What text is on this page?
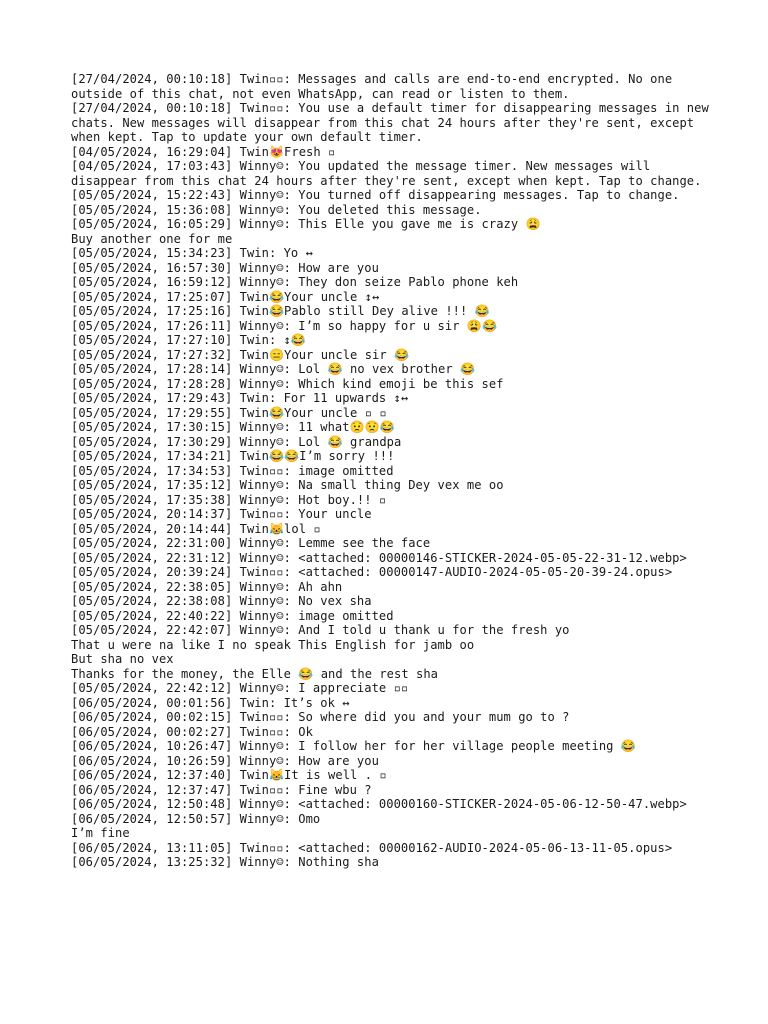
[27/04/2024, 00:10:18] Twin▫▫: Messages and calls are end-to-end encrypted. No one outside of this chat, not even WhatsApp, can read or listen to them.
[27/04/2024, 00:10:18] Twin▫▫: You use a default timer for disappearing messages in new chats. New messages will disappear from this chat 24 hours after they're sent, except when kept. Tap to update your own default timer.
[04/05/2024, 16:29:04] Twin😻Fresh ▫
[04/05/2024, 17:03:43] Winny☺: You updated the message timer. New messages will disappear from this chat 24 hours after they're sent, except when kept. Tap to change.
[05/05/2024, 15:22:43] Winny☺: You turned off disappearing messages. Tap to change.
[05/05/2024, 15:36:08] Winny☺: You deleted this message.
[05/05/2024, 16:05:29] Winny☺: This Elle you gave me is crazy 😩
Buy another one for me
[05/05/2024, 15:34:23] Twin: Yo ↔
[05/05/2024, 16:57:30] Winny☺: How are you
[05/05/2024, 16:59:12] Winny☺: They don seize Pablo phone keh
[05/05/2024, 17:25:07] Twin😂Your uncle ↕↔
[05/05/2024, 17:25:16] Twin😂Pablo still Dey alive !!! 😂
[05/05/2024, 17:26:11] Winny☺: I’m so happy for u sir 😩😂
[05/05/2024, 17:27:10] Twin: ↕😂
[05/05/2024, 17:27:32] Twin😑Your uncle sir 😂
[05/05/2024, 17:28:14] Winny☺: Lol 😂 no vex brother 😂
[05/05/2024, 17:28:28] Winny☺: Which kind emoji be this sef
[05/05/2024, 17:29:43] Twin: For 11 upwards ↕↔
[05/05/2024, 17:29:55] Twin😂Your uncle ▫ ▫
[05/05/2024, 17:30:15] Winny☺: 11 what😟😟😂
[05/05/2024, 17:30:29] Winny☺: Lol 😂 grandpa
[05/05/2024, 17:34:21] Twin😂😂I’m sorry !!!
[05/05/2024, 17:34:53] Twin▫▫: image omitted
[05/05/2024, 17:35:12] Winny☺: Na small thing Dey vex me oo
[05/05/2024, 17:35:38] Winny☺: Hot boy.!! ▫
[05/05/2024, 20:14:37] Twin▫▫: Your uncle
[05/05/2024, 20:14:44] Twin😹lol ▫
[05/05/2024, 22:31:00] Winny☺: Lemme see the face
[05/05/2024, 22:31:12] Winny☺: <attached: 00000146-STICKER-2024-05-05-22-31-12.webp>
[05/05/2024, 20:39:24] Twin▫▫: <attached: 00000147-AUDIO-2024-05-05-20-39-24.opus>
[05/05/2024, 22:38:05] Winny☺: Ah ahn
[05/05/2024, 22:38:08] Winny☺: No vex sha
[05/05/2024, 22:40:22] Winny☺: image omitted
[05/05/2024, 22:42:07] Winny☺: And I told u thank u for the fresh yo
That u were na like I no speak This English for jamb oo
But sha no vex
Thanks for the money, the Elle 😂 and the rest sha
[05/05/2024, 22:42:12] Winny☺: I appreciate ▫▫
[06/05/2024, 00:01:56] Twin: It’s ok ↔
[06/05/2024, 00:02:15] Twin▫▫: So where did you and your mum go to ?
[06/05/2024, 00:02:27] Twin▫▫: Ok
[06/05/2024, 10:26:47] Winny☺: I follow her for her village people meeting 😂
[06/05/2024, 10:26:59] Winny☺: How are you
[06/05/2024, 12:37:40] Twin😹It is well . ▫
[06/05/2024, 12:37:47] Twin▫▫: Fine wbu ?
[06/05/2024, 12:50:48] Winny☺: <attached: 00000160-STICKER-2024-05-06-12-50-47.webp>
[06/05/2024, 12:50:57] Winny☺: Omo
I’m fine
[06/05/2024, 13:11:05] Twin▫▫: <attached: 00000162-AUDIO-2024-05-06-13-11-05.opus>
[06/05/2024, 13:25:32] Winny☺: Nothing sha
